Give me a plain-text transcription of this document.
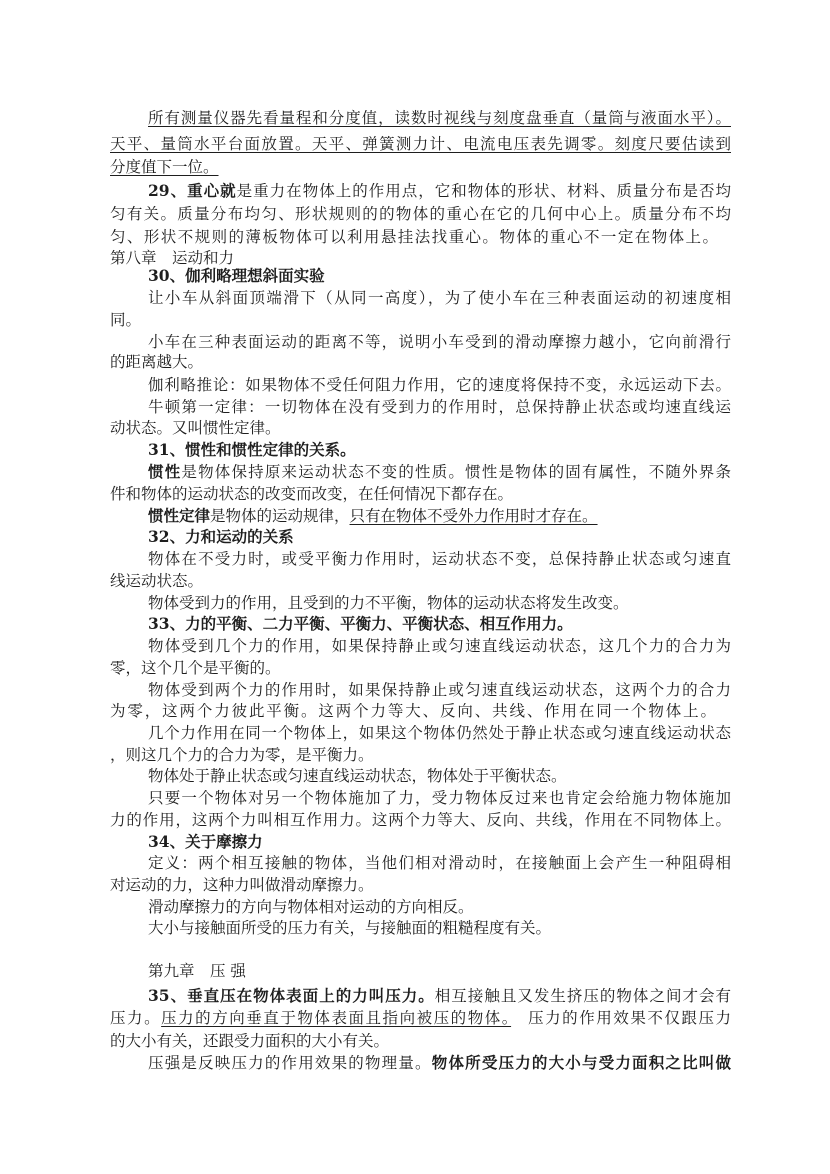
所有测量仪器先看量程和分度值，读数时视线与刻度盘垂直（量筒与液面水平）。
天平、量筒水平台面放置。天平、弹簧测力计、电流电压表先调零。刻度尺要估读到
分度值下一位。
29、重心就是重力在物体上的作用点，它和物体的形状、材料、质量分布是否均
匀有关。质量分布均匀、形状规则的的物体的重心在它的几何中心上。质量分布不均
匀、形状不规则的薄板物体可以利用悬挂法找重心。物体的重心不一定在物体上。
第八章　运动和力
30、伽利略理想斜面实验
让小车从斜面顶端滑下（从同一高度），为了使小车在三种表面运动的初速度相
同。
小车在三种表面运动的距离不等，说明小车受到的滑动摩擦力越小，它向前滑行
的距离越大。
伽利略推论：如果物体不受任何阻力作用，它的速度将保持不变，永远运动下去。
牛顿第一定律：一切物体在没有受到力的作用时，总保持静止状态或均速直线运
动状态。又叫惯性定律。
31、惯性和惯性定律的关系。
惯性是物体保持原来运动状态不变的性质。惯性是物体的固有属性，不随外界条
件和物体的运动状态的改变而改变，在任何情况下都存在。
惯性定律是物体的运动规律，只有在物体不受外力作用时才存在。
32、力和运动的关系
物体在不受力时，或受平衡力作用时，运动状态不变，总保持静止状态或匀速直
线运动状态。
物体受到力的作用，且受到的力不平衡，物体的运动状态将发生改变。
33、力的平衡、二力平衡、平衡力、平衡状态、相互作用力。
物体受到几个力的作用，如果保持静止或匀速直线运动状态，这几个力的合力为
零，这个几个是平衡的。
物体受到两个力的作用时，如果保持静止或匀速直线运动状态，这两个力的合力
为零，这两个力彼此平衡。这两个力等大、反向、共线、作用在同一个物体上。
几个力作用在同一个物体上，如果这个物体仍然处于静止状态或匀速直线运动状态
，则这几个力的合力为零，是平衡力。
物体处于静止状态或匀速直线运动状态，物体处于平衡状态。
只要一个物体对另一个物体施加了力，受力物体反过来也肯定会给施力物体施加
力的作用，这两个力叫相互作用力。这两个力等大、反向、共线，作用在不同物体上。
34、关于摩擦力
定义：两个相互接触的物体，当他们相对滑动时，在接触面上会产生一种阻碍相
对运动的力，这种力叫做滑动摩擦力。
滑动摩擦力的方向与物体相对运动的方向相反。
大小与接触面所受的压力有关，与接触面的粗糙程度有关。
第九章　压 强
35、垂直压在物体表面上的力叫压力。相互接触且又发生挤压的物体之间才会有
压力。压力的方向垂直于物体表面且指向被压的物体。　压力的作用效果不仅跟压力
的大小有关，还跟受力面积的大小有关。
压强是反映压力的作用效果的物理量。物体所受压力的大小与受力面积之比叫做
